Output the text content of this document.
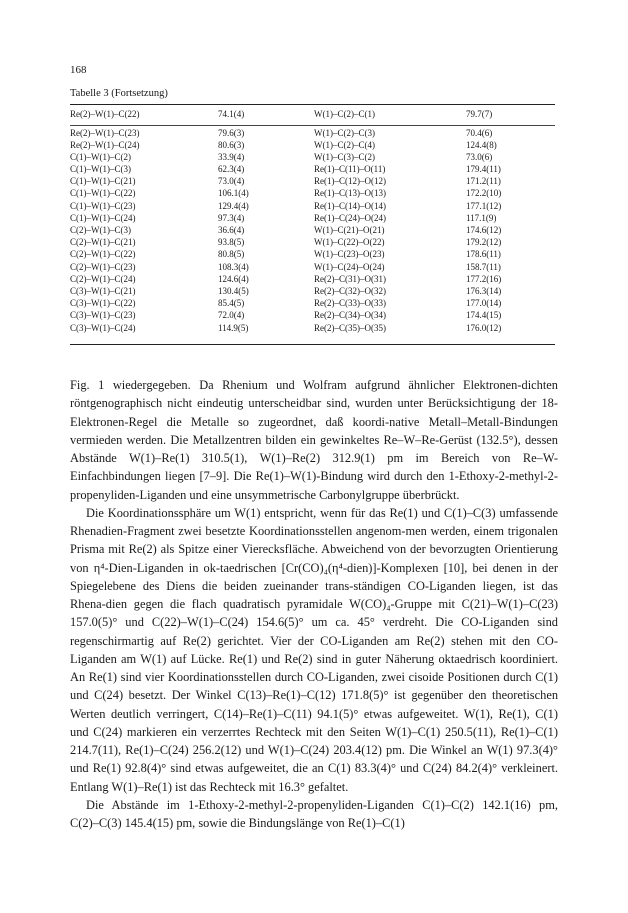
168
Tabelle 3 (Fortsetzung)
Re(2)–W(1)–C(22)	74.1(4)	W(1)–C(2)–C(1)	79.7(7)
Re(2)–W(1)–C(23)	79.6(3)	W(1)–C(2)–C(3)	70.4(6)
Re(2)–W(1)–C(24)	80.6(3)	W(1)–C(2)–C(4)	124.4(8)
C(1)–W(1)–C(2)	33.9(4)	W(1)–C(3)–C(2)	73.0(6)
C(1)–W(1)–C(3)	62.3(4)	Re(1)–C(11)–O(11)	179.4(11)
C(1)–W(1)–C(21)	73.0(4)	Re(1)–C(12)–O(12)	171.2(11)
C(1)–W(1)–C(22)	106.1(4)	Re(1)–C(13)–O(13)	172.2(10)
C(1)–W(1)–C(23)	129.4(4)	Re(1)–C(14)–O(14)	177.1(12)
C(1)–W(1)–C(24)	97.3(4)	Re(1)–C(24)–O(24)	117.1(9)
C(2)–W(1)–C(3)	36.6(4)	W(1)–C(21)–O(21)	174.6(12)
C(2)–W(1)–C(21)	93.8(5)	W(1)–C(22)–O(22)	179.2(12)
C(2)–W(1)–C(22)	80.8(5)	W(1)–C(23)–O(23)	178.6(11)
C(2)–W(1)–C(23)	108.3(4)	W(1)–C(24)–O(24)	158.7(11)
C(2)–W(1)–C(24)	124.6(4)	Re(2)–C(31)–O(31)	177.2(16)
C(3)–W(1)–C(21)	130.4(5)	Re(2)–C(32)–O(32)	176.3(14)
C(3)–W(1)–C(22)	85.4(5)	Re(2)–C(33)–O(33)	177.0(14)
C(3)–W(1)–C(23)	72.0(4)	Re(2)–C(34)–O(34)	174.4(15)
C(3)–W(1)–C(24)	114.9(5)	Re(2)–C(35)–O(35)	176.0(12)

Fig. 1 wiedergegeben. Da Rhenium und Wolfram aufgrund ähnlicher Elektronen-dichten röntgenographisch nicht eindeutig unterscheidbar sind, wurden unter Berücksichtigung der 18-Elektronen-Regel die Metalle so zugeordnet, daß koordi-native Metall–Metall-Bindungen vermieden werden. Die Metallzentren bilden ein gewinkeltes Re–W–Re-Gerüst (132.5°), dessen Abstände W(1)–Re(1) 310.5(1), W(1)–Re(2) 312.9(1) pm im Bereich von Re–W-Einfachbindungen liegen [7–9]. Die Re(1)–W(1)-Bindung wird durch den 1-Ethoxy-2-methyl-2-propenyliden-Liganden und eine unsymmetrische Carbonylgruppe überbrückt.

Die Koordinationssphäre um W(1) entspricht, wenn für das Re(1) und C(1)–C(3) umfassende Rhenadien-Fragment zwei besetzte Koordinationsstellen angenom-men werden, einem trigonalen Prisma mit Re(2) als Spitze einer Vierecksfläche. Abweichend von der bevorzugten Orientierung von η⁴-Dien-Liganden in ok-taedrischen [Cr(CO)₄(η⁴-dien)]-Komplexen [10], bei denen in der Spiegelebene des Diens die beiden zueinander trans-ständigen CO-Liganden liegen, ist das Rhena-dien gegen die flach quadratisch pyramidale W(CO)₄-Gruppe mit C(21)–W(1)–C(23) 157.0(5)° und C(22)–W(1)–C(24) 154.6(5)° um ca. 45° verdreht. Die CO-Liganden sind regenschirmartig auf Re(2) gerichtet. Vier der CO-Liganden am Re(2) stehen mit den CO-Liganden am W(1) auf Lücke. Re(1) und Re(2) sind in guter Näherung oktaedrisch koordiniert. An Re(1) sind vier Koordinationsstellen durch CO-Liganden, zwei cisoide Positionen durch C(1) und C(24) besetzt. Der Winkel C(13)–Re(1)–C(12) 171.8(5)° ist gegenüber den theoretischen Werten deutlich verringert, C(14)–Re(1)–C(11) 94.1(5)° etwas aufgeweitet. W(1), Re(1), C(1) und C(24) markieren ein verzerrtes Rechteck mit den Seiten W(1)–C(1) 250.5(11), Re(1)–C(1) 214.7(11), Re(1)–C(24) 256.2(12) und W(1)–C(24) 203.4(12) pm. Die Winkel an W(1) 97.3(4)° und Re(1) 92.8(4)° sind etwas aufgeweitet, die an C(1) 83.3(4)° und C(24) 84.2(4)° verkleinert. Entlang W(1)–Re(1) ist das Rechteck mit 16.3° gefaltet.

Die Abstände im 1-Ethoxy-2-methyl-2-propenyliden-Liganden C(1)–C(2) 142.1(16) pm, C(2)–C(3) 145.4(15) pm, sowie die Bindungslänge von Re(1)–C(1)
